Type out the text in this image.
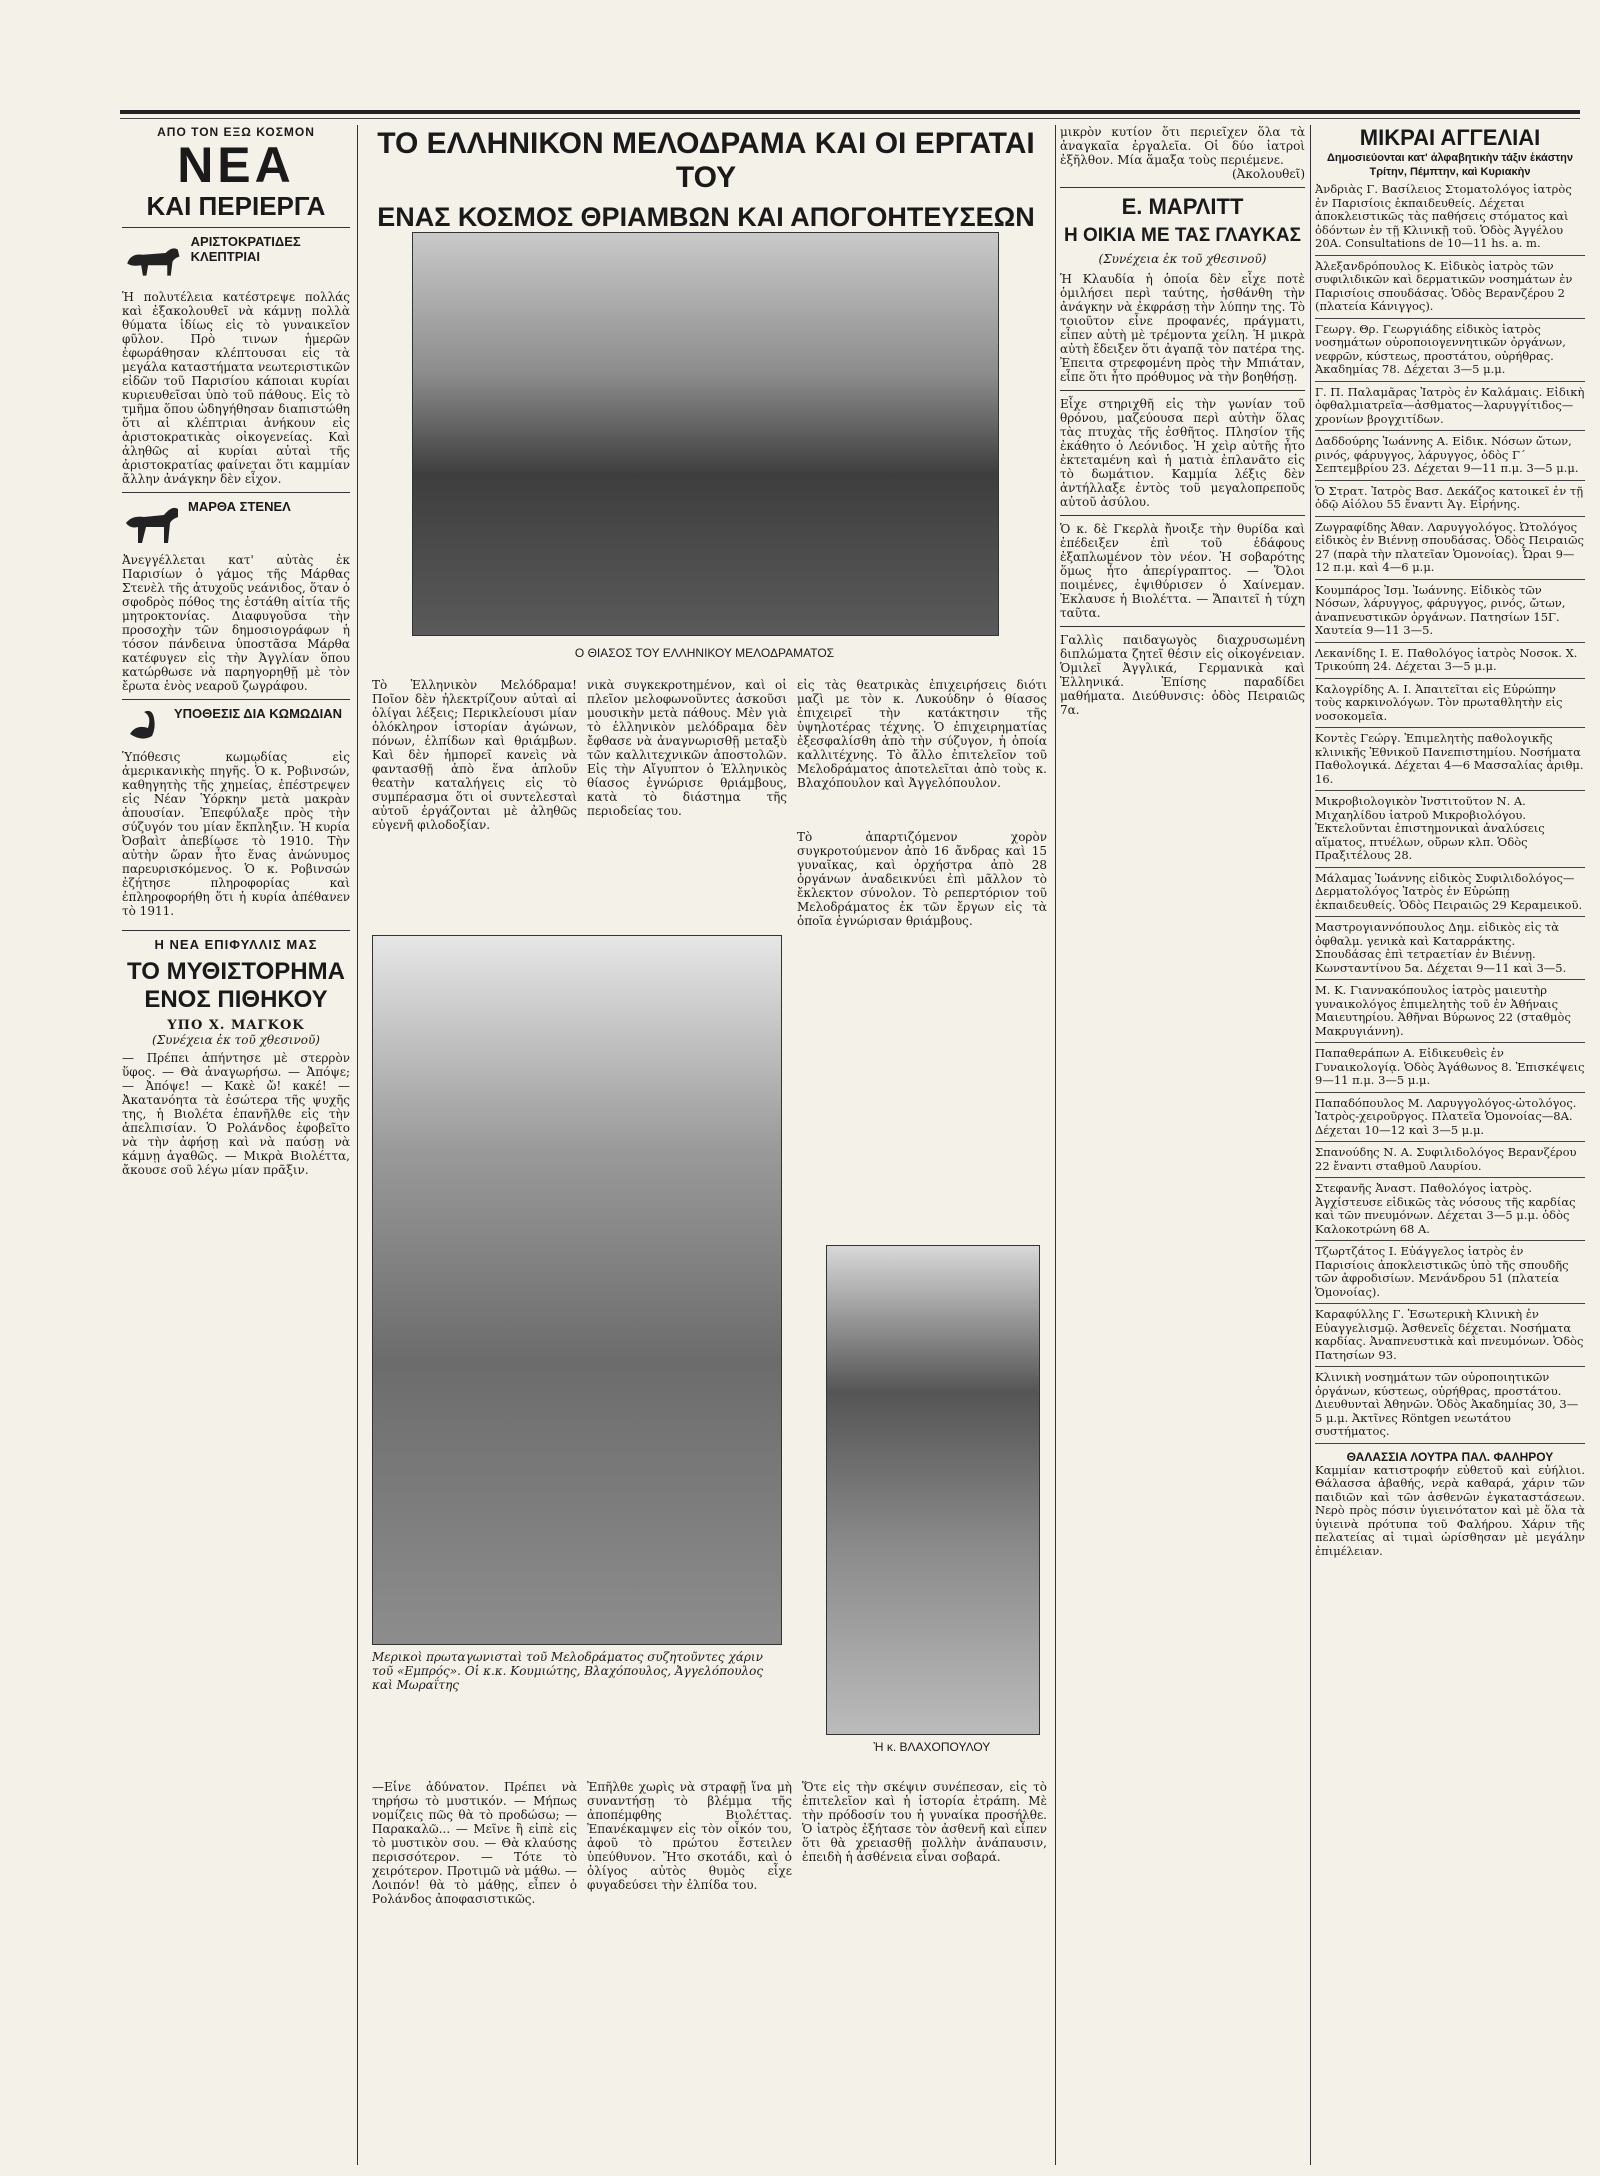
ΑΠΟ ΤΟΝ ΕΞΩ ΚΟΣΜΟΝ
ΝΕΑ
ΚΑΙ ΠΕΡΙΕΡΓΑ
ΑΡΙΣΤΟΚΡΑΤΙΔΕΣ ΚΛΕΠΤΡΙΑΙ
Ἡ πολυτέλεια κατέστρεψε πολλάς καὶ ἐξακολουθεῖ νὰ κάμνῃ πολλὰ θύματα ἰδίως εἰς τὸ γυναικεῖον φῦλον. Πρὸ τινων ἡμερῶν ἐφωράθησαν κλέπτουσαι εἰς τὰ μεγάλα καταστήματα νεωτεριστικῶν εἰδῶν τοῦ Παρισίου κάποιαι κυρίαι κυριευθεῖσαι ὑπὸ τοῦ πάθους. Εἰς τὸ τμῆμα ὅπου ὡδηγήθησαν διαπιστώθη ὅτι αἱ κλέπτριαι ἀνήκουν εἰς ἀριστοκρατικὰς οἰκογενείας. Καὶ ἀληθῶς αἱ κυρίαι αὐταὶ τῆς ἀριστοκρατίας φαίνεται ὅτι καμμίαν ἄλλην ἀνάγκην δὲν εἶχον.
ΜΑΡΘΑ ΣΤΕΝΕΛ
Ἀνεγγέλλεται κατ' αὐτὰς ἐκ Παρισίων ὁ γάμος τῆς Μάρθας Στενὲλ τῆς ἀτυχοῦς νεάνιδος, ὅταν ὁ σφοδρὸς πόθος της ἐστάθη αἰτία τῆς μητροκτονίας. Διαφυγοῦσα τὴν προσοχὴν τῶν δημοσιογράφων ἡ τόσον πάνδεινα ὑποστᾶσα Μάρθα κατέφυγεν εἰς τὴν Ἀγγλίαν ὅπου κατώρθωσε νὰ παρηγορηθῇ μὲ τὸν ἔρωτα ἑνὸς νεαροῦ ζωγράφου.
ΥΠΟΘΕΣΙΣ ΔΙΑ ΚΩΜΩΔΙΑΝ
Ὑπόθεσις κωμῳδίας εἰς ἀμερικανικὴς πηγῆς. Ὁ κ. Ροβινσών, καθηγητὴς τῆς χημείας, ἐπέστρεψεν εἰς Νέαν Ὑόρκην μετὰ μακρὰν ἀπουσίαν. Ἐπεφύλαξε πρὸς τὴν σύζυγόν του μίαν ἔκπληξιν. Ἡ κυρία Ὀσβαὶτ ἀπεβίωσε τὸ 1910. Τὴν αὐτὴν ὥραν ἦτο ἕνας ἀνώνυμος παρευρισκόμενος. Ὁ κ. Ροβινσών ἐζήτησε πληροφορίας καὶ ἐπληροφορήθη ὅτι ἡ κυρία ἀπέθανεν τὸ 1911.
Η ΝΕΑ ΕΠΙΦΥΛΛΙΣ ΜΑΣ
ΤΟ ΜΥΘΙΣΤΟΡΗΜΑ ΕΝΟΣ ΠΙΘΗΚΟΥ
ΥΠΟ Χ. ΜΑΓΚΟΚ
(Συνέχεια ἐκ τοῦ χθεσινοῦ)
— Πρέπει ἀπήντησε μὲ στερρὸν ὕφος. — Θὰ ἀναγωρήσω. — Ἀπόψε; — Ἀπόψε! — Κακὲ ὤ! κακέ! — Ἀκατανόητα τὰ ἐσώτερα τῆς ψυχῆς της, ἡ Βιολέτα ἐπανῆλθε εἰς τὴν ἀπελπισίαν. Ὁ Ρολάνδος ἐφοβεῖτο νὰ τὴν ἀφήσῃ καὶ νὰ παύσῃ νὰ κάμνῃ ἀγαθῶς. — Μικρὰ Βιολέττα, ἄκουσε σοῦ λέγω μίαν πρᾶξιν.
ΤΟ ΕΛΛΗΝΙΚΟΝ ΜΕΛΟΔΡΑΜΑ ΚΑΙ ΟΙ ΕΡΓΑΤΑΙ ΤΟΥ
ΕΝΑΣ ΚΟΣΜΟΣ ΘΡΙΑΜΒΩΝ ΚΑΙ ΑΠΟΓΟΗΤΕΥΣΕΩΝ
Ο ΘΙΑΣΟΣ ΤΟΥ ΕΛΛΗΝΙΚΟΥ ΜΕΛΟΔΡΑΜΑΤΟΣ
Τὸ Ἑλληνικὸν Μελόδραμα! Ποῖον δὲν ἠλεκτρίζουν αὐταὶ αἱ ὀλίγαι λέξεις; Περικλείουσι μίαν ὁλόκληρον ἱστορίαν ἀγώνων, πόνων, ἐλπίδων καὶ θριάμβων. Καὶ δὲν ἠμπορεῖ κανεὶς νὰ φαντασθῇ ἀπὸ ἕνα ἁπλοῦν θεατὴν καταλήγεις εἰς τὸ συμπέρασμα ὅτι οἱ συντελεσταὶ αὐτοῦ ἐργάζονται μὲ ἀληθῶς εὐγενῆ φιλοδοξίαν.
νικὰ συγκεκροτημένον, καὶ οἱ πλεῖον μελοφωνοῦντες ἀσκοῦσι μουσικὴν μετὰ πάθους. Μὲν γιὰ τὸ ἑλληνικὸν μελόδραμα δὲν ἔφθασε νὰ ἀναγνωρισθῇ μεταξὺ τῶν καλλιτεχνικῶν ἀποστολῶν. Εἰς τὴν Αἴγυπτον ὁ Ἑλληνικὸς θίασος ἐγνώρισε θριάμβους, κατὰ τὸ διάστημα τῆς περιοδείας του.
εἰς τὰς θεατρικὰς ἐπιχειρήσεις διότι μαζὶ με τὸν κ. Λυκούδην ὁ θίασος ἐπιχειρεῖ τὴν κατάκτησιν τῆς ὑψηλοτέρας τέχνης. Ὁ ἐπιχειρηματίας ἐξεσφαλίσθη ἀπὸ τὴν σύζυγον, ἡ ὁποία καλλιτέχνης. Τὸ ἄλλο ἐπιτελεῖον τοῦ Μελοδράματος ἀποτελεῖται ἀπὸ τοὺς κ. Βλαχόπουλον καὶ Ἀγγελόπουλον.
Τὸ ἀπαρτιζόμενον χορὸν συγκροτούμενον ἀπὸ 16 ἄνδρας καὶ 15 γυναῖκας, καὶ ὀρχήστρα ἀπὸ 28 ὀργάνων ἀναδεικνύει ἐπὶ μᾶλλον τὸ ἔκλεκτον σύνολον. Τὸ ρεπερτόριον τοῦ Μελοδράματος ἐκ τῶν ἔργων εἰς τὰ ὁποῖα ἐγνώρισαν θριάμβους.
Μερικοὶ πρωταγωνισταὶ τοῦ Μελοδράματος συζητοῦντες χάριν τοῦ «Εμπρός». Οἱ κ.κ. Κουμιώτης, Βλαχόπουλος, Ἀγγελόπουλος καὶ Μωραΐτης
Ἡ κ. ΒΛΑΧΟΠΟΥΛΟΥ
—Εἶνε ἀδύνατον. Πρέπει νὰ τηρήσω τὸ μυστικόν. — Μήπως νομίζεις πῶς θὰ τὸ προδώσω; — Παρακαλῶ... — Μεῖνε ἢ εἰπὲ εἰς τὸ μυστικὸν σου. — Θὰ κλαύσης περισσότερον. — Τότε τὸ χειρότερον. Προτιμῶ νὰ μάθω. — Λοιπόν! θὰ τὸ μάθῃς, εἶπεν ὁ Ρολάνδος ἀποφασιστικῶς.
Ἐπῆλθε χωρὶς νὰ στραφῇ ἵνα μὴ συναντήσῃ τὸ βλέμμα τῆς ἀποπέμφθης Βιολέττας. Ἐπανέκαμψεν εἰς τὸν οἶκόν του, ἀφοῦ τὸ πρώτου ἔστειλεν ὑπεύθυνον. Ἤτο σκοτάδι, καὶ ὁ ὀλίγος αὐτὸς θυμὸς εἶχε φυγαδεύσει τὴν ἐλπίδα του.
Ὅτε εἰς τὴν σκέψιν συνέπεσαν, εἰς τὸ ἐπιτελεῖον καὶ ἡ ἱστορία ἐτράπη. Μὲ τὴν πρόδοσίν του ἡ γυναίκα προσήλθε. Ὁ ἰατρὸς ἐξήτασε τὸν ἀσθενῆ καὶ εἶπεν ὅτι θὰ χρειασθῇ πολλὴν ἀνάπαυσιν, ἐπειδὴ ἡ ἀσθένεια εἶναι σοβαρά.
μικρὸν κυτίον ὅτι περιεῖχεν ὅλα τὰ ἀναγκαῖα ἐργαλεῖα. Οἱ δύο ἰατροὶ ἐξῆλθον. Μία ἅμαξα τοὺς περιέμενε.
(Ἀκολουθεῖ)
Ε. ΜΑΡΛΙΤΤ
Η ΟΙΚΙΑ ΜΕ ΤΑΣ ΓΛΑΥΚΑΣ
(Συνέχεια ἐκ τοῦ χθεσινοῦ)
Ἡ Κλαυδία ἡ ὁποία δὲν εἶχε ποτὲ ὁμιλήσει περὶ ταύτης, ἠσθάνθη τὴν ἀνάγκην νὰ ἐκφράσῃ τὴν λύπην της. Τὸ τοιοῦτον εἶνε προφανές, πράγματι, εἶπεν αὐτὴ μὲ τρέμοντα χείλη. Ἡ μικρὰ αὐτὴ ἔδειξεν ὅτι ἀγαπᾷ τὸν πατέρα της. Ἐπειτα στρεφομένη πρὸς τὴν Μπιάταν, εἶπε ὅτι ἦτο πρόθυμος νὰ τὴν βοηθήσῃ.
Εἶχε στηριχθῆ εἰς τὴν γωνίαν τοῦ θρόνου, μαζεύουσα περὶ αὐτὴν ὅλας τὰς πτυχὰς τῆς ἐσθῆτος. Πλησίον τῆς ἐκάθητο ὁ Λεόνιδος. Ἡ χεὶρ αὐτῆς ἦτο ἐκτεταμένη καὶ ἡ ματιὰ ἐπλανᾶτο εἰς τὸ δωμάτιον. Καμμία λέξις δὲν ἀντήλλαξε ἐντὸς τοῦ μεγαλοπρεποῦς αὐτοῦ ἀσύλου.
Ὁ κ. δὲ Γκερλὰ ἤνοιξε τὴν θυρίδα καὶ ἐπέδειξεν ἐπὶ τοῦ ἐδάφους ἐξαπλωμένον τὸν νέον. Ἡ σοβαρότης ὅμως ἦτο ἀπερίγραπτος. — Ὅλοι ποιμένες, ἐψιθύρισεν ὁ Χαίνεμαν. Ἐκλαυσε ἡ Βιολέττα. — Ἄπαιτεῖ ἡ τύχη ταῦτα.
Γαλλὶς παιδαγωγὸς διαχρυσωμένη διπλώματα ζητεῖ θέσιν εἰς οἰκογένειαν. Ὁμιλεῖ Ἀγγλικά, Γερμανικὰ καὶ Ἑλληνικά. Ἐπίσης παραδίδει μαθήματα. Διεύθυνσις: ὁδὸς Πειραιῶς 7α.
ΜΙΚΡΑΙ ΑΓΓΕΛΙΑΙ
Δημοσιεύονται κατ' ἀλφαβητικὴν τάξιν ἑκάστην Τρίτην, Πέμπτην, καὶ Κυριακὴν
Ἀνδριὰς Γ. Βασίλειος Στοματολόγος ἰατρὸς ἐν Παρισίοις ἐκπαιδευθείς. Δέχεται ἀποκλειστικῶς τὰς παθήσεις στόματος καὶ ὀδόντων ἐν τῇ Κλινικῇ τοῦ. Ὁδὸς Ἀγγέλου 20Α. Consultations de 10—11 hs. a. m.
Ἀλεξανδρόπουλος Κ. Εἰδικὸς ἰατρὸς τῶν συφιλιδικῶν καὶ δερματικῶν νοσημάτων ἐν Παρισίοις σπουδάσας. Ὁδὸς Βερανζέρου 2 (πλατεία Κάνιγγος).
Γεωργ. Θρ. Γεωργιάδης εἰδικὸς ἰατρὸς νοσημάτων οὐροποιογεννητικῶν ὀργάνων, νεφρῶν, κύστεως, προστάτου, οὐρήθρας. Ἀκαδημίας 78. Δέχεται 3—5 μ.μ.
Γ. Π. Παλαμᾶρας Ἰατρὸς ἐν Καλάμαις. Εἰδικὴ ὀφθαλμιατρεῖα—ἀσθματος—λαρυγγίτιδος—χρονίων βρογχιτίδων.
Δαδδούρης Ἰωάννης Α. Εἰδικ. Νόσων ὤτων, ρινός, φάρυγγος, λάρυγγος, ὁδὸς Γ΄ Σεπτεμβρίου 23. Δέχεται 9—11 π.μ. 3—5 μ.μ.
Ὁ Στρατ. Ἰατρὸς Βασ. Δεκάζος κατοικεῖ ἐν τῇ ὁδῷ Αἰόλου 55 ἔναντι Ἁγ. Εἰρήνης.
Ζωγραφίδης Ἀθαν. Λαρυγγολόγος. Ὠτολόγος εἰδικὸς ἐν Βιέννῃ σπουδάσας. Ὁδὸς Πειραιῶς 27 (παρὰ τὴν πλατεῖαν Ὁμονοίας). Ὧραι 9—12 π.μ. καὶ 4—6 μ.μ.
Κουμπάρος Ἰσμ. Ἰωάννης. Εἰδικὸς τῶν Νόσων, λάρυγγος, φάρυγγος, ρινός, ὤτων, ἀναπνευστικῶν ὀργάνων. Πατησίων 15Γ. Χαυτεία 9—11 3—5.
Λεκανίδης Ι. Ε. Παθολόγος ἰατρὸς Νοσοκ. Χ. Τρικούπη 24. Δέχεται 3—5 μ.μ.
Καλογρίδης Α. Ι. Ἀπαιτεῖται εἰς Εὐρώπην τοὺς καρκινολόγων. Τὸν πρωταθλητὴν εἰς νοσοκομεῖα.
Κοντὲς Γεώργ. Ἐπιμελητὴς παθολογικῆς κλινικῆς Ἐθνικοῦ Πανεπιστημίου. Νοσήματα Παθολογικά. Δέχεται 4—6 Μασσαλίας ἀριθμ. 16.
Μικροβιολογικὸν Ἰνστιτοῦτον Ν. Α. Μιχαηλίδου ἰατροῦ Μικροβιολόγου. Ἐκτελοῦνται ἐπιστημονικαὶ ἀναλύσεις αἵματος, πτυέλων, οὔρων κλπ. Ὁδὸς Πραξιτέλους 28.
Μάλαμας Ἰωάννης εἰδικὸς Συφιλιδολόγος—Δερματολόγος Ἰατρὸς ἐν Εὐρώπῃ ἐκπαιδευθείς. Ὁδὸς Πειραιῶς 29 Κεραμεικοῦ.
Μαστρογιαννόπουλος Δημ. εἰδικὸς εἰς τὰ ὀφθαλμ. γενικὰ καὶ Καταρράκτης. Σπουδάσας ἐπὶ τετραετίαν ἐν Βιέννῃ. Κωνσταντίνου 5α. Δέχεται 9—11 καὶ 3—5.
Μ. Κ. Γιαννακόπουλος ἰατρὸς μαιευτὴρ γυναικολόγος ἐπιμελητὴς τοῦ ἐν Ἀθήναις Μαιευτηρίου. Ἀθῆναι Βύρωνος 22 (σταθμὸς Μακρυγιάννη).
Παπαθεράπων Α. Εἰδικευθεὶς ἐν Γυναικολογίᾳ. Ὁδὸς Ἀγάθωνος 8. Ἐπισκέψεις 9—11 π.μ. 3—5 μ.μ.
Παπαδόπουλος Μ. Λαρυγγολόγος-ὠτολόγος. Ἰατρὸς-χειροῦργος. Πλατεῖα Ὁμονοίας—8Α. Δέχεται 10—12 καὶ 3—5 μ.μ.
Σπανούδης Ν. Α. Συφιλιδολόγος Βερανζέρου 22 ἔναντι σταθμοῦ Λαυρίου.
Στεφανῆς Ἀναστ. Παθολόγος ἰατρὸς. Ἀγχίστευσε εἰδικῶς τὰς νόσους τῆς καρδίας καὶ τῶν πνευμόνων. Δέχεται 3—5 μ.μ. ὁδὸς Καλοκοτρώνη 68 Α.
Τζωρτζάτος Ι. Εὐάγγελος ἰατρὸς ἐν Παρισίοις ἀποκλειστικῶς ὑπὸ τῆς σπουδῆς τῶν ἀφροδισίων. Μενάνδρου 51 (πλατεία Ὁμονοίας).
Καραφύλλης Γ. Ἐσωτερικὴ Κλινικὴ ἐν Εὐαγγελισμῷ. Ἀσθενεῖς δέχεται. Νοσήματα καρδίας. Ἀναπνευστικὰ καὶ πνευμόνων. Ὁδὸς Πατησίων 93.
Κλινικὴ νοσημάτων τῶν οὐροποιητικῶν ὀργάνων, κύστεως, οὐρήθρας, προστάτου. Διευθυνταὶ Ἀθηνῶν. Ὁδὸς Ἀκαδημίας 30, 3—5 μ.μ. Ἀκτῖνες Röntgen νεωτάτου συστήματος.
ΘΑΛΑΣΣΙΑ ΛΟΥΤΡΑ ΠΑΛ. ΦΑΛΗΡΟΥ
Καμμίαν κατιστροφήν εὐθετοῦ καὶ εὐήλιοι. Θάλασσα ἀβαθής, νερὰ καθαρά, χάριν τῶν παιδιῶν καὶ τῶν ἀσθενῶν ἐγκαταστάσεων. Νερὸ πρὸς πόσιν ὑγιεινότατον καὶ μὲ ὅλα τὰ ὑγιεινὰ πρότυπα τοῦ Φαλήρου. Χάριν τῆς πελατείας αἱ τιμαὶ ὡρίσθησαν μὲ μεγάλην ἐπιμέλειαν.
